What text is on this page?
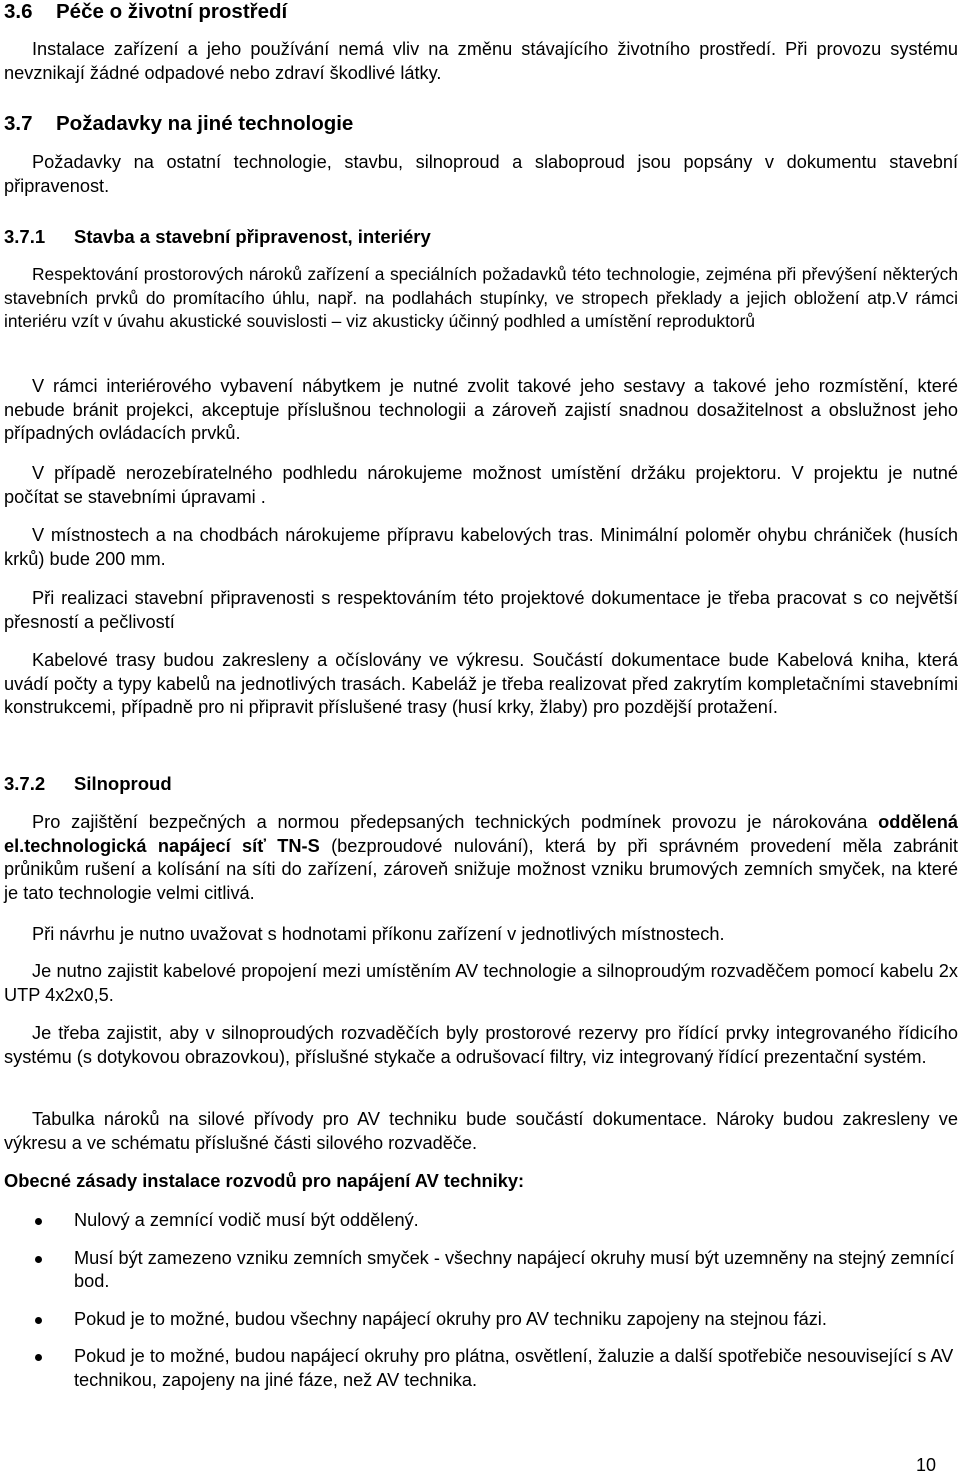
3.6 Péče o životní prostředí

Instalace zařízení a jeho používání nemá vliv na změnu stávajícího životního prostředí. Při provozu systému nevznikají žádné odpadové nebo zdraví škodlivé látky.

3.7 Požadavky na jiné technologie

Požadavky na ostatní technologie, stavbu, silnoproud a slaboproud jsou popsány v dokumentu stavební připravenost.

3.7.1 Stavba a stavební připravenost, interiéry

Respektování prostorových nároků zařízení a speciálních požadavků této technologie, zejména při převýšení některých stavebních prvků do promítacího úhlu, např. na podlahách stupínky, ve stropech překlady a jejich obložení atp.V rámci interiéru vzít v úvahu akustické souvislosti – viz akusticky účinný podhled a umístění reproduktorů

V rámci interiérového vybavení nábytkem je nutné zvolit takové jeho sestavy a takové jeho rozmístění, které nebude bránit projekci, akceptuje příslušnou technologii a zároveň zajistí snadnou dosažitelnost a obslužnost jeho případných ovládacích prvků.

V případě nerozebíratelného podhledu nárokujeme možnost umístění držáku projektoru. V projektu je nutné počítat se stavebními úpravami .

V místnostech a na chodbách nárokujeme přípravu kabelových tras. Minimální poloměr ohybu chrániček (husích krků) bude 200 mm.

Při realizaci stavební připravenosti s respektováním této projektové dokumentace je třeba pracovat s co největší přesností a pečlivostí

Kabelové trasy budou zakresleny a očíslovány ve výkresu. Součástí dokumentace bude Kabelová kniha, která uvádí počty a typy kabelů na jednotlivých trasách. Kabeláž je třeba realizovat před zakrytím kompletačními stavebními konstrukcemi, případně pro ni připravit příslušené trasy (husí krky, žlaby) pro pozdější protažení.

3.7.2 Silnoproud

Pro zajištění bezpečných a normou předepsaných technických podmínek provozu je nárokována oddělená el.technologická napájecí síť TN-S (bezproudové nulování), která by při správném provedení měla zabránit průnikům rušení a kolísání na síti do zařízení, zároveň snižuje možnost vzniku brumových zemních smyček, na které je tato technologie velmi citlivá.

Při návrhu je nutno uvažovat s hodnotami příkonu zařízení v jednotlivých místnostech.

Je nutno zajistit kabelové propojení mezi umístěním AV technologie a silnoproudým rozvaděčem pomocí kabelu 2x UTP 4x2x0,5.

Je třeba zajistit, aby v silnoproudých rozvaděčích byly prostorové rezervy pro řídící prvky integrovaného řídicího systému (s dotykovou obrazovkou), příslušné stykače a odrušovací filtry, viz integrovaný řídící prezentační systém.

Tabulka nároků na silové přívody pro AV techniku bude součástí dokumentace. Nároky budou zakresleny ve výkresu a ve schématu příslušné části silového rozvaděče.

Obecné zásady instalace rozvodů pro napájení AV techniky:
Nulový a zemnící vodič musí být oddělený.
Musí být zamezeno vzniku zemních smyček - všechny napájecí okruhy musí být uzemněny na stejný zemnící bod.
Pokud je to možné, budou všechny napájecí okruhy pro AV techniku zapojeny na stejnou fázi.
Pokud je to možné, budou napájecí okruhy pro plátna, osvětlení, žaluzie a další spotřebiče nesouvisející s AV technikou, zapojeny na jiné fáze, než AV technika.
10
